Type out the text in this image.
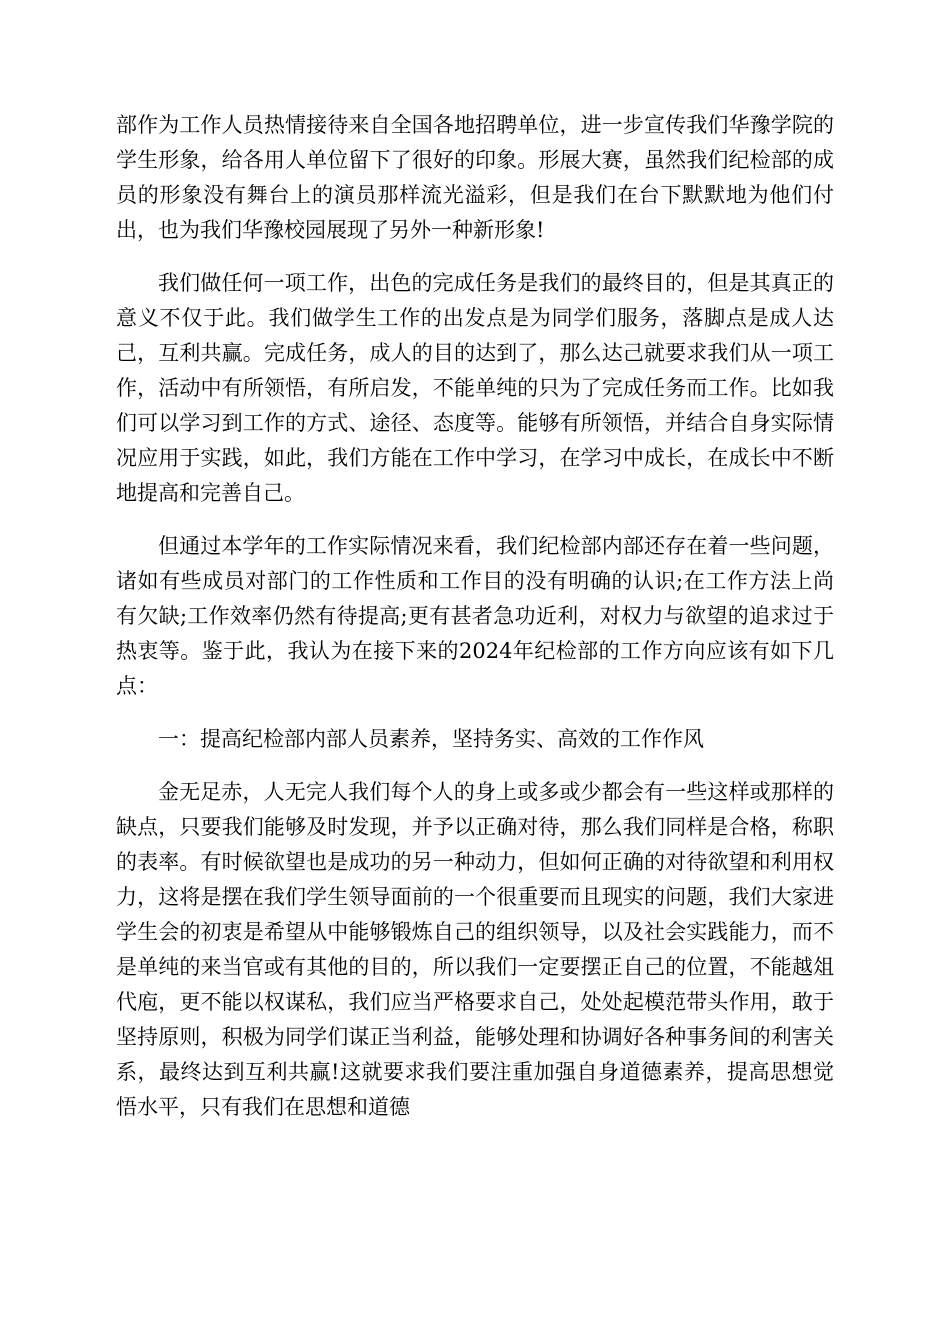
部作为工作人员热情接待来自全国各地招聘单位，进一步宣传我们华豫学院的学生形象，给各用人单位留下了很好的印象。形展大赛，虽然我们纪检部的成员的形象没有舞台上的演员那样流光溢彩，但是我们在台下默默地为他们付出，也为我们华豫校园展现了另外一种新形象!

我们做任何一项工作，出色的完成任务是我们的最终目的，但是其真正的意义不仅于此。我们做学生工作的出发点是为同学们服务，落脚点是成人达己，互利共赢。完成任务，成人的目的达到了，那么达己就要求我们从一项工作，活动中有所领悟，有所启发，不能单纯的只为了完成任务而工作。比如我们可以学习到工作的方式、途径、态度等。能够有所领悟，并结合自身实际情况应用于实践，如此，我们方能在工作中学习，在学习中成长，在成长中不断地提高和完善自己。

但通过本学年的工作实际情况来看，我们纪检部内部还存在着一些问题，诸如有些成员对部门的工作性质和工作目的没有明确的认识;在工作方法上尚有欠缺;工作效率仍然有待提高;更有甚者急功近利，对权力与欲望的追求过于热衷等。鉴于此，我认为在接下来的2024年纪检部的工作方向应该有如下几点：

一：提高纪检部内部人员素养，坚持务实、高效的工作作风

金无足赤，人无完人我们每个人的身上或多或少都会有一些这样或那样的缺点，只要我们能够及时发现，并予以正确对待，那么我们同样是合格，称职的表率。有时候欲望也是成功的另一种动力，但如何正确的对待欲望和利用权力，这将是摆在我们学生领导面前的一个很重要而且现实的问题，我们大家进学生会的初衷是希望从中能够锻炼自己的组织领导，以及社会实践能力，而不是单纯的来当官或有其他的目的，所以我们一定要摆正自己的位置，不能越俎代庖，更不能以权谋私，我们应当严格要求自己，处处起模范带头作用，敢于坚持原则，积极为同学们谋正当利益，能够处理和协调好各种事务间的利害关系，最终达到互利共赢!这就要求我们要注重加强自身道德素养，提高思想觉悟水平，只有我们在思想和道德
